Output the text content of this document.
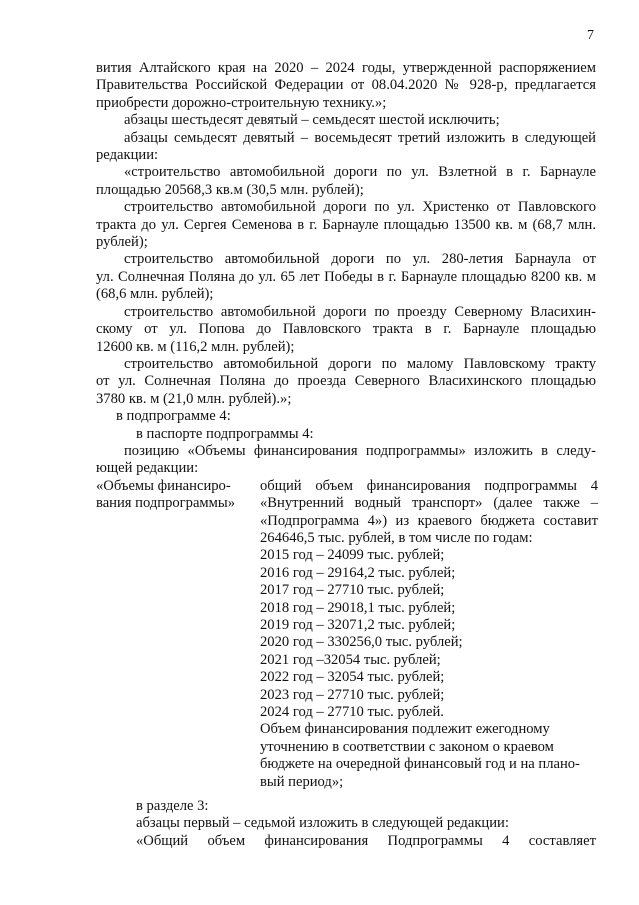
7
вития Алтайского края на 2020 – 2024 годы, утвержденной распоряжением
Правительства Российской Федерации от 08.04.2020 № 928-р, предлагается
приобрести дорожно-строительную технику.»;
абзацы шестьдесят девятый – семьдесят шестой исключить;
абзацы семьдесят девятый – восемьдесят третий изложить в следующей
редакции:
«строительство автомобильной дороги по ул. Взлетной в г. Барнауле
площадью 20568,3 кв.м (30,5 млн. рублей);
строительство автомобильной дороги по ул. Христенко от Павловского
тракта до ул. Сергея Семенова в г. Барнауле площадью 13500 кв. м (68,7 млн.
рублей);
строительство автомобильной дороги по ул. 280-летия Барнаула от
ул. Солнечная Поляна до ул. 65 лет Победы в г. Барнауле площадью 8200 кв. м
(68,6 млн. рублей);
строительство автомобильной дороги по проезду Северному Власихин-
скому от ул. Попова до Павловского тракта в г. Барнауле площадью
12600 кв. м (116,2 млн. рублей);
строительство автомобильной дороги по малому Павловскому тракту
от ул. Солнечная Поляна до проезда Северного Власихинского площадью
3780 кв. м (21,0 млн. рублей).»;
в подпрограмме 4:
в паспорте подпрограммы 4:
позицию «Объемы финансирования подпрограммы» изложить в следу-
ющей редакции:
«Объемы финансиро-
вания подпрограммы»
общий объем финансирования подпрограммы 4
«Внутренний водный транспорт» (далее также –
«Подпрограмма 4») из краевого бюджета составит
264646,5 тыс. рублей, в том числе по годам:
2015 год – 24099 тыс. рублей;
2016 год – 29164,2 тыс. рублей;
2017 год – 27710 тыс. рублей;
2018 год – 29018,1 тыс. рублей;
2019 год – 32071,2 тыс. рублей;
2020 год – 330256,0 тыс. рублей;
2021 год –32054 тыс. рублей;
2022 год – 32054 тыс. рублей;
2023 год – 27710 тыс. рублей;
2024 год – 27710 тыс. рублей.
Объем финансирования подлежит ежегодному
уточнению в соответствии с законом о краевом
бюджете на очередной финансовый год и на плано-
вый период»;
в разделе 3:
абзацы первый – седьмой изложить в следующей редакции:
«Общий объем финансирования Подпрограммы 4 составляет
